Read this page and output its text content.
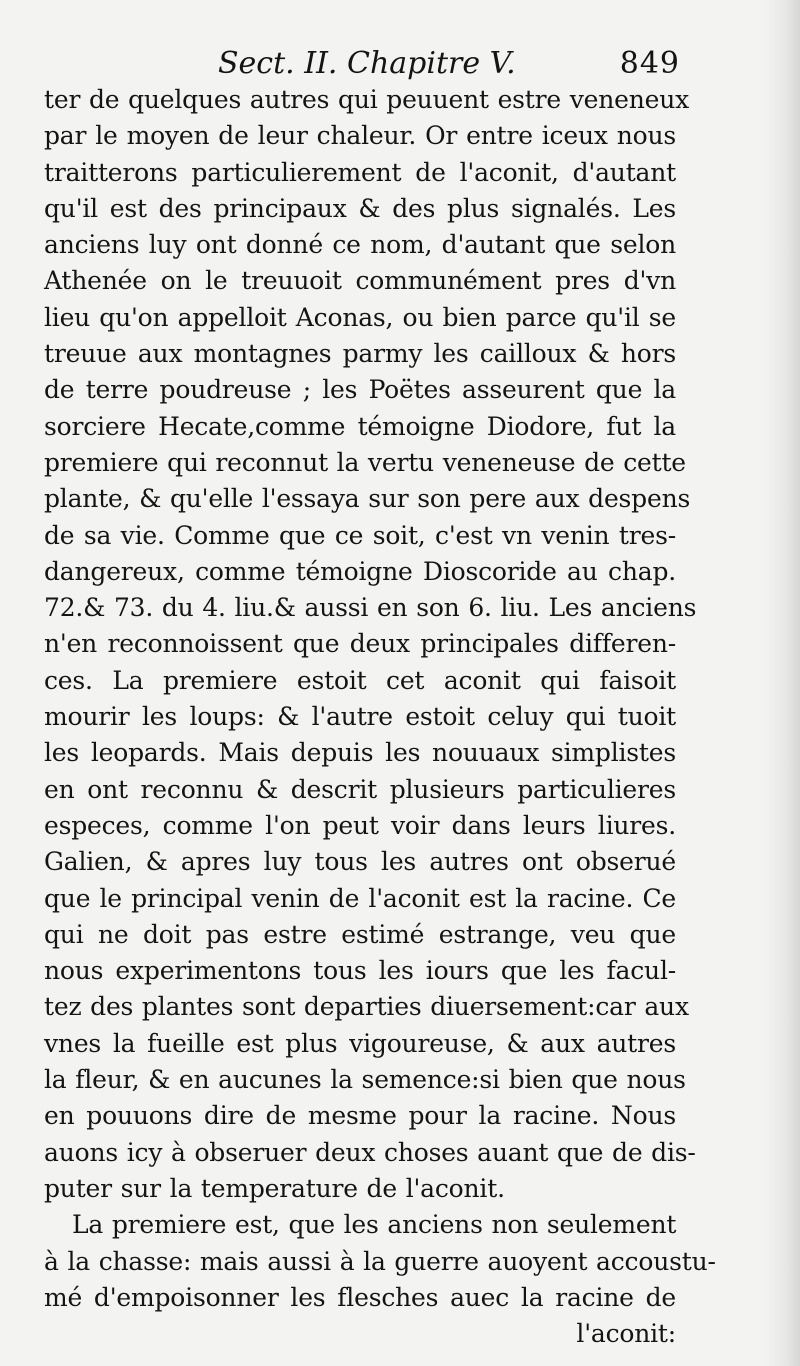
Sect. II. Chapitre V.	849
ter de quelques autres qui peuuent estre veneneux
par le moyen de leur chaleur. Or entre iceux nous
traitterons particulierement de l'aconit, d'autant
qu'il est des principaux & des plus signalés. Les
anciens luy ont donné ce nom, d'autant que selon
Athenée on le treuuoit communément pres d'vn
lieu qu'on appelloit Aconas, ou bien parce qu'il se
treuue aux montagnes parmy les cailloux & hors
de terre poudreuse ; les Poëtes asseurent que la
sorciere Hecate,comme témoigne Diodore, fut la
premiere qui reconnut la vertu veneneuse de cette
plante, & qu'elle l'essaya sur son pere aux despens
de sa vie. Comme que ce soit, c'est vn venin tres-
dangereux, comme témoigne Dioscoride au chap.
72.& 73. du 4. liu.& aussi en son 6. liu. Les anciens
n'en reconnoissent que deux principales differen-
ces. La premiere estoit cet aconit qui faisoit
mourir les loups: & l'autre estoit celuy qui tuoit
les leopards. Mais depuis les nouuaux simplistes
en ont reconnu & descrit plusieurs particulieres
especes, comme l'on peut voir dans leurs liures.
Galien, & apres luy tous les autres ont obserué
que le principal venin de l'aconit est la racine. Ce
qui ne doit pas estre estimé estrange, veu que
nous experimentons tous les iours que les facul-
tez des plantes sont departies diuersement:car aux
vnes la fueille est plus vigoureuse, & aux autres
la fleur, & en aucunes la semence:si bien que nous
en pouuons dire de mesme pour la racine. Nous
auons icy à obseruer deux choses auant que de dis-
puter sur la temperature de l'aconit.
La premiere est, que les anciens non seulement
à la chasse: mais aussi à la guerre auoyent accoustu-
mé d'empoisonner les flesches auec la racine de
l'aconit:
